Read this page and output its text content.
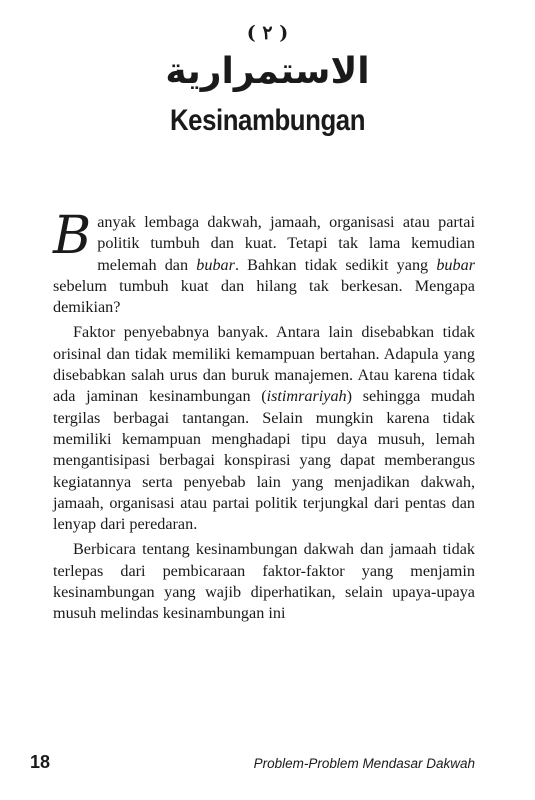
( ٢ )
الاستمرارية
Kesinambungan

Banyak lembaga dakwah, jamaah, organisasi atau partai politik tumbuh dan kuat. Tetapi tak lama kemudian melemah dan bubar. Bahkan tidak sedikit yang bubar sebelum tumbuh kuat dan hilang tak berkesan. Mengapa demikian?

Faktor penyebabnya banyak. Antara lain disebabkan tidak orisinal dan tidak memiliki kemampuan bertahan. Adapula yang disebabkan salah urus dan buruk manajemen. Atau karena tidak ada jaminan kesinambungan (istimrariyah) sehingga mudah tergilas berbagai tantangan. Selain mungkin karena tidak memiliki kemampuan menghadapi tipu daya musuh, lemah mengantisipasi berbagai konspirasi yang dapat memberangus kegiatannya serta penyebab lain yang menjadikan dakwah, jamaah, organisasi atau partai politik terjungkal dari pentas dan lenyap dari peredaran.

Berbicara tentang kesinambungan dakwah dan jamaah tidak terlepas dari pembicaraan faktor-faktor yang menjamin kesinambungan yang wajib diperhatikan, selain upaya-upaya musuh melindas kesinambungan ini

18	Problem-Problem Mendasar Dakwah
